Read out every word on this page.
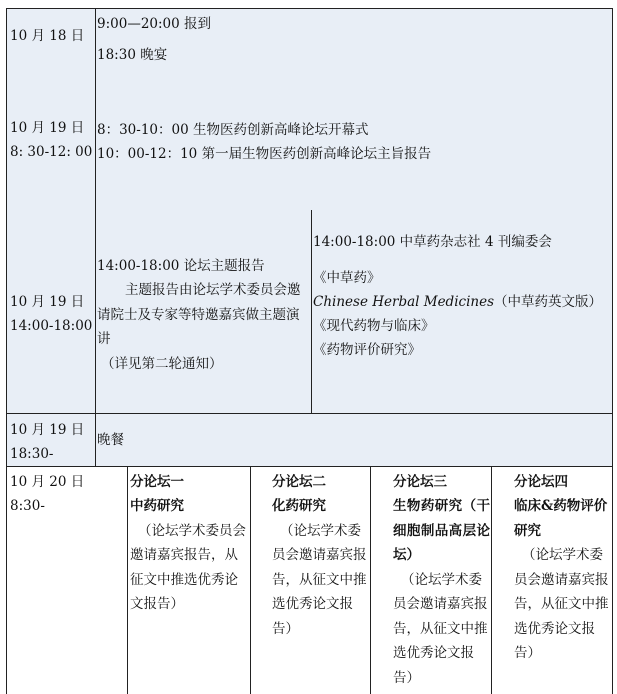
10 月 18 日
9:00—20:00 报到
18:30 晚宴
10 月 19 日
8: 30-12: 00
8：30-10：00 生物医药创新高峰论坛开幕式
10：00-12：10 第一届生物医药创新高峰论坛主旨报告
10 月 19 日
14:00-18:00
14:00-18:00 论坛主题报告
主题报告由论坛学术委员会邀请院士及专家等特邀嘉宾做主题演讲
（详见第二轮通知）
14:00-18:00 中草药杂志社 4 刊编委会
《中草药》
Chinese Herbal Medicines（中草药英文版）
《现代药物与临床》
《药物评价研究》
10 月 19 日
18:30-
晚餐
10 月 20 日
8:30-
分论坛一
中药研究
（论坛学术委员会邀请嘉宾报告，从征文中推选优秀论文报告）
分论坛二
化药研究
（论坛学术委员会邀请嘉宾报告，从征文中推选优秀论文报告）
分论坛三
生物药研究（干细胞制品高层论坛）
（论坛学术委员会邀请嘉宾报告，从征文中推选优秀论文报告）
分论坛四
临床&药物评价研究
（论坛学术委员会邀请嘉宾报告，从征文中推选优秀论文报告）
